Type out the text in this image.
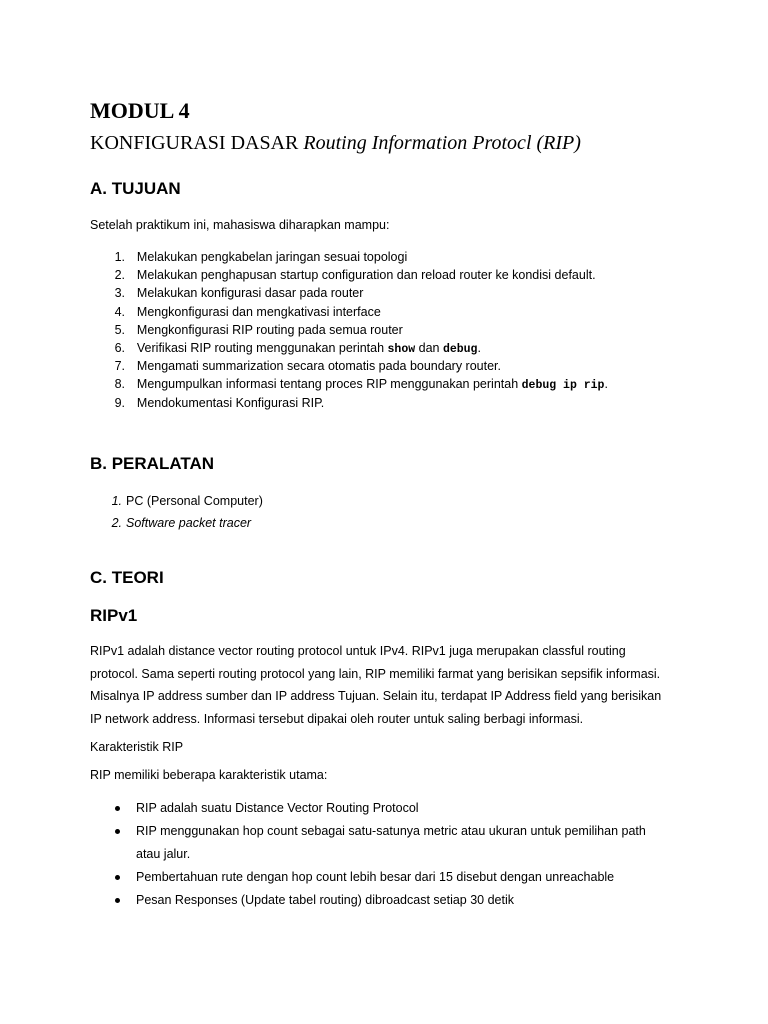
MODUL 4
KONFIGURASI DASAR Routing Information Protocl (RIP)
A. TUJUAN
Setelah praktikum ini, mahasiswa diharapkan mampu:
1. Melakukan pengkabelan jaringan sesuai topologi
2. Melakukan penghapusan startup configuration dan reload router ke kondisi default.
3. Melakukan konfigurasi dasar pada router
4. Mengkonfigurasi dan mengkativasi interface
5. Mengkonfigurasi RIP routing pada semua router
6. Verifikasi RIP routing menggunakan perintah show dan debug.
7. Mengamati summarization secara otomatis pada boundary router.
8. Mengumpulkan informasi tentang proces RIP menggunakan perintah debug ip rip.
9. Mendokumentasi Konfigurasi RIP.
B. PERALATAN
1. PC (Personal Computer)
2. Software packet tracer
C. TEORI
RIPv1
RIPv1 adalah distance vector routing protocol untuk IPv4. RIPv1 juga merupakan classful routing
protocol. Sama seperti routing protocol yang lain, RIP memiliki farmat yang berisikan sepsifik informasi.
Misalnya IP address sumber dan IP address Tujuan. Selain itu, terdapat IP Address field yang berisikan
IP network address. Informasi tersebut dipakai oleh router untuk saling berbagi informasi.
Karakteristik RIP
RIP memiliki beberapa karakteristik utama:
RIP adalah suatu Distance Vector Routing Protocol
RIP menggunakan hop count sebagai satu-satunya metric atau ukuran untuk pemilihan path
atau jalur.
Pembertahuan rute dengan hop count lebih besar dari 15 disebut dengan unreachable
Pesan Responses (Update tabel routing) dibroadcast setiap 30 detik
